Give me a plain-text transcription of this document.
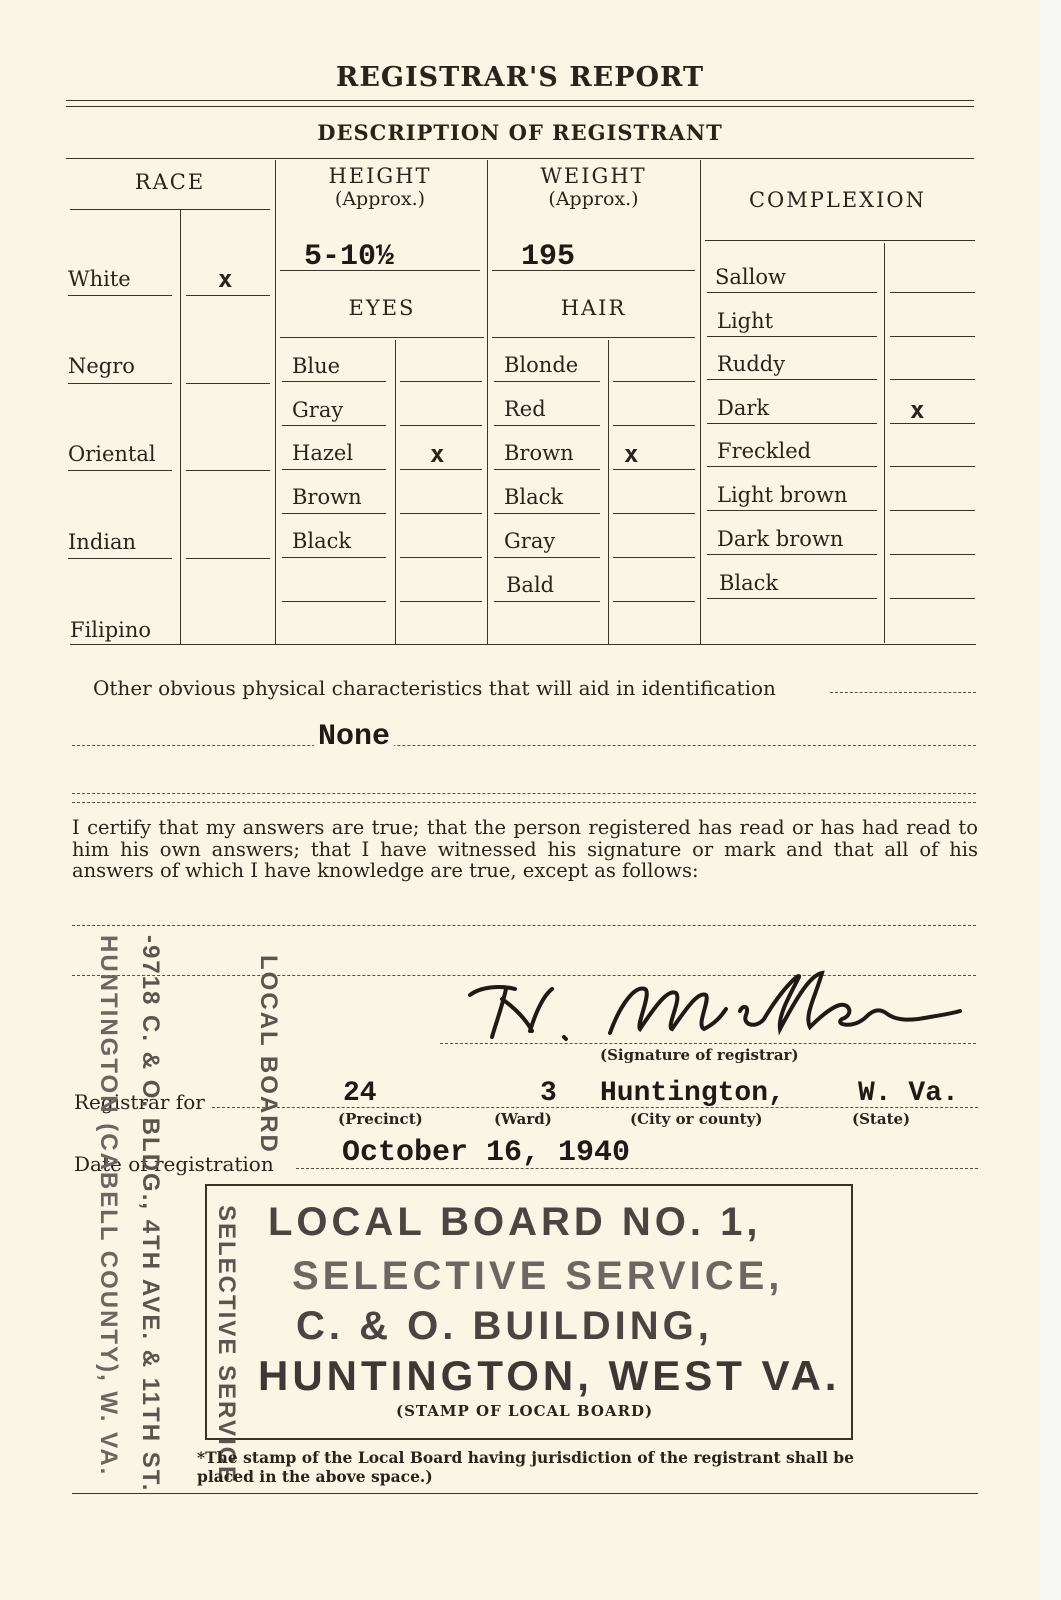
REGISTRAR'S REPORT
DESCRIPTION OF REGISTRANT
RACE
White
Negro
Oriental
Indian
Filipino
x
HEIGHT
(Approx.)
5-10½
WEIGHT
(Approx.)
195
EYES
Blue
Gray
Hazel
Brown
Black
x
HAIR
Blonde
Red
Brown
Black
Gray
Bald
x
COMPLEXION
Sallow
Light
Ruddy
Dark
Freckled
Light brown
Dark brown
Black
x
Other obvious physical characteristics that will aid in identification
None
I certify that my answers are true; that the person registered has read or has had read to him his own answers; that I have witnessed his signature or mark and that all of his answers of which I have knowledge are true, except as follows:
(Signature of registrar)
Registrar for	24
(Precinct)
3
(Ward)
Huntington,
(City or county)
W. Va.
(State)
Date of registration October 16, 1940
LOCAL BOARD NO. 1,
SELECTIVE SERVICE,
C. & O. BUILDING,
HUNTINGTON, WEST VA.
(STAMP OF LOCAL BOARD)
LOCAL BOARD
-9718 C. & O. BLDG., 4TH AVE. & 11TH ST.
HUNTINGTON (CABELL COUNTY), W. VA.	SELECTIVE SERVICE
*The stamp of the Local Board having jurisdiction of the registrant shall be placed in the above space.)
